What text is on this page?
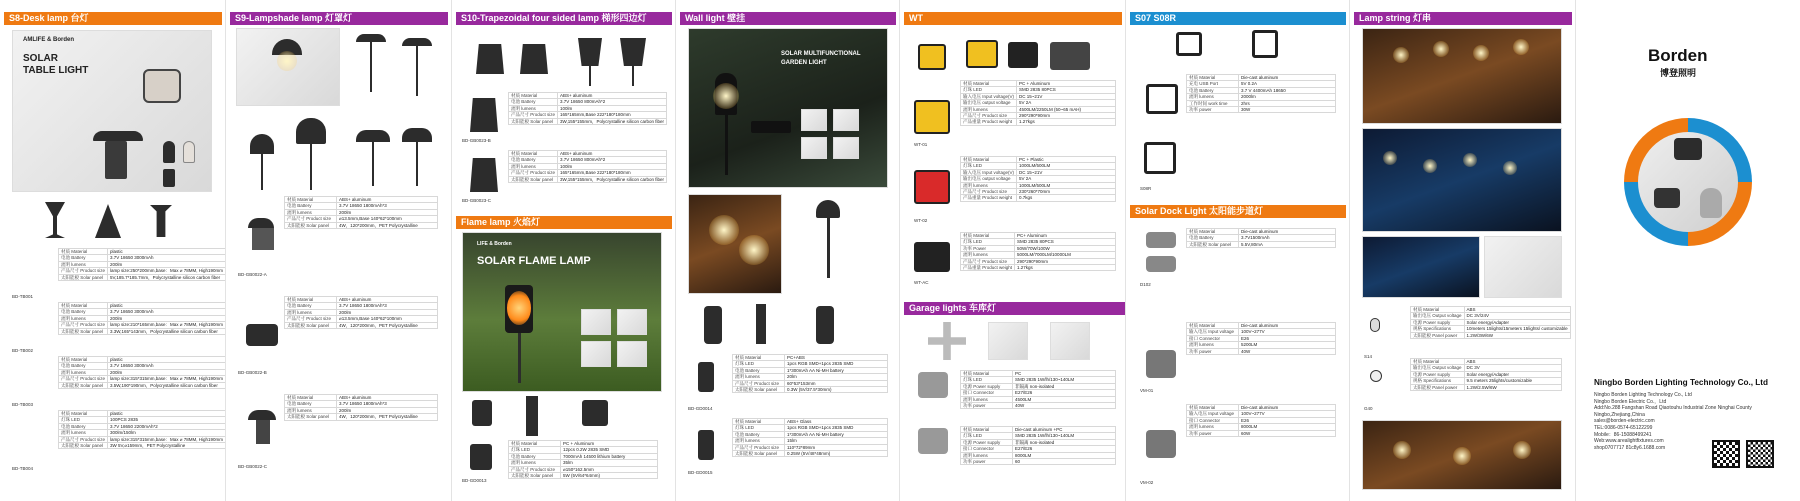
S8-Desk lamp 台灯
AMLIFE & Borden
SOLAR
TABLE LIGHT
材质 Material	plastic
电池 Battery	3.7V 18650 3000mAh
流明 lumens	200lm
产品尺寸 Product size	lamp size:250*200mm,base：Max ⌀ 78MM, High190mm
太阳能板 Solar panel	5V,185.7*185.7mm，Polycrystalline silicon carbon fiber
BD-TB001
材质 Material	plastic
电池 Battery	3.7V 18650 3000mAh
流明 lumens	200lm
产品尺寸 Product size	lamp size:210*165mm,base：Max ⌀ 78MM, High190mm
太阳能板 Solar panel	3.3W,165*143mm，Polycrystalline silicon carbon fiber
BD-TB002
材质 Material	plastic
电池 Battery	3.7V 18650 3000mAh
流明 lumens	200lm
产品尺寸 Product size	lamp size:315*315mm,base：Max ⌀ 78MM, High190mm
太阳能板 Solar panel	3.5W,190*190mm，Polycrystalline silicon carbon fiber
BD-TB003
材质 Material	plastic
灯珠 LED	100PCS 2835
电池 Battery	3.7V 18650 2200mAh*2
流明 lumens	300lm/150lm
产品尺寸 Product size	lamp size:315*315mm,base：Max ⌀ 78MM, High190mm
太阳能板 Solar panel	3W 5V,⌀159mm，PET Polycrystalline
BD-TB004
S9-Lampshade lamp 灯罩灯
材质 Material	ABS+ aluminum
电池 Battery	3.7V 18650 1800mAh*3
流明 lumens	200lm
产品尺寸 Product size	⌀13.5mm,Base 140*62*100mm
太阳能板 Solar panel	4W，120*200mm，PET Polycrystalline
BD-GB0022-A
材质 Material	ABS+ aluminum
电池 Battery	3.7V 18650 1800mAh*3
流明 lumens	200lm
产品尺寸 Product size	⌀13.5mm,Base 140*62*100mm
太阳能板 Solar panel	4W，120*200mm，PET Polycrystalline
BD-GB0022-B
材质 Material	ABS+ aluminum
电池 Battery	3.7V 18650 1800mAh*3
流明 lumens	200lm
太阳能板 Solar panel	4W，120*200mm，PET Polycrystalline
BD-GB0022-C
S10-Trapezoidal four sided lamp 梯形四边灯
材质 Material	ABS+ aluminum
电池 Battery	3.7V 18650 800mAh*2
流明 lumens	100lm
产品尺寸 Product size	165*165mm,Base 222*180*180mm
太阳能板 Solar panel	3W,155*155mm，Polycrystalline silicon carbon fiber
BD-GB0023-B
材质 Material	ABS+ aluminum
电池 Battery	3.7V 18650 800mAh*2
流明 lumens	100lm
产品尺寸 Product size	165*165mm,Base 222*180*180mm
太阳能板 Solar panel	3W,155*155mm，Polycrystalline silicon carbon fiber
BD-GB0023-C
Flame lamp 火焰灯
LIFE & Borden
SOLAR FLAME LAMP
材质 Material	PC + Aluminum
灯珠 LED	12pcs 0.2W 2835 SMD
电池 Battery	7000mAh 14500 lithium battery
流明 lumens	35lm
产品尺寸 Product size	⌀150*162.5mm
太阳能板 Solar panel	5W (5V/64*64mm)
BD-GD0013
Wall light 壁挂
SOLAR MULTIFUNCTIONAL
GARDEN LIGHT
材质 Material	PC+ABS
灯珠 LED	1pcs RGB SMD+1pcs 2835 SMD
电池 Battery	1*300mAh AA Ni-MH battery
流明 lumens	20lm
产品尺寸 Product size	60*53*153mm
太阳能板 Solar panel	0.3W (5V/37.5*30mm)
BD-GD0014
材质 Material	ABS+ Glass
灯珠 LED	1pcs RGB SMD+1pcs 2835 SMD
电池 Battery	1*300mAh AA Ni-MH battery
流明 lumens	15lm
产品尺寸 Product size	110*72*89mm
太阳能板 Solar panel	0.25W (5V/48*48mm)
BD-GD0015
WT
材质 Material	PC + Aluminum
灯珠 LED	SMD 2835 80PCS
输入电压 Input voltage(V)	DC 15~21V
输出电压 output voltage	5V 2A
流明 lumens	4500LM/2250LM (50~65 mAH)
产品尺寸 Product size	290*290*90mm
产品重量 Product weight	1.27kgs
WT-01
材质 Material	PC + Plastic
灯珠 LED	1000LM/500LM
输入电压 Input voltage(V)	DC 15~21V
输出电压 output voltage	5V 2A
流明 lumens	1000LM/500LM
产品尺寸 Product size	230*260*70mm
产品重量 Product weight	0.7kgs
WT-02
材质 Material	PC+ Aluminum
灯珠 LED	SMD 2835 80PCS
功率 Power	50W/70W/100W
流明 lumens	5000LM/7000LM/10000LM
产品尺寸 Product size	290*290*90mm
产品重量 Product weight	1.27kgs
WT-AC
Garage lights 车库灯
材质 Material	PC
灯珠 LED	SMD 2835 1W/lh/130~140LM
电源 Power supply	非隔离 non-isolated
接口 Connector	E27/E26
流明 lumens	4500LM
功率 power	40W
材质 Material	Die-cast aluminum +PC
灯珠 LED	SMD 2835 1W/lh/130~140LM
电源 Power supply	非隔离 non-isolated
接口 Connector	E27/E26
流明 lumens	8000LM
功率 power	60
S07 S08R
材质 Material	Die-cast aluminum
充电 USB Port	5V 0.2A
电池 Battery	3.7 V 4400mAh 18650
流明 lumens	2000lm
工作时间 work time	2hrs
功率 power	30W
S08R
Solar Dock Light 太阳能步道灯
材质 Material	Die-cast aluminum
电池 Battery	3.7V1500mAh
太阳能板 Solar panel	5.5V,80mA
D102
材质 Material	Die-cast aluminum
输入电压 Input voltage	100V~277V
接口 Connector	E26
流明 lumens	5200LM
功率 power	40W
VM-01
材质 Material	Die-cast aluminum
输入电压 Input voltage	100V~277V
接口 Connector	E26
流明 lumens	8000LM
功率 power	60W
VM-02
Lamp string 灯串
材质 Material	ABS
输出电压 Output voltage	DC 3V/24V
电源 Power supply	Solar energy/Adapter
规格 Specifications	10meters 15lights/15meters 15lights/ customizable
太阳能板 Panel power	1.2W/3W/6W
S14
材质 Material	ABS
输出电压 Output voltage	DC 3V
电源 Power supply	Solar energy/Adapter
规格 Specifications	9.5 meters 25lights/customizable
太阳能板 Panel power	1.2W/2.5W/6W
G40
Borden
博登照明
Ningbo Borden Lighting Technology Co., Ltd
Ningbo Borden Lighting Technology Co., Ltd
Ningbo Borden Electric Co.，Ltd
Add:No.288 Fangshan Road Qiaotouhu Industrial Zone Ninghai County Ningbo,Zhejiang,China
sales@borden-electric.com
TEL:0086-0574-65122299
Mobile：86-15088499241
Web:www.arealightfixtures.com
shop0707717 81c8y6.1688.com
